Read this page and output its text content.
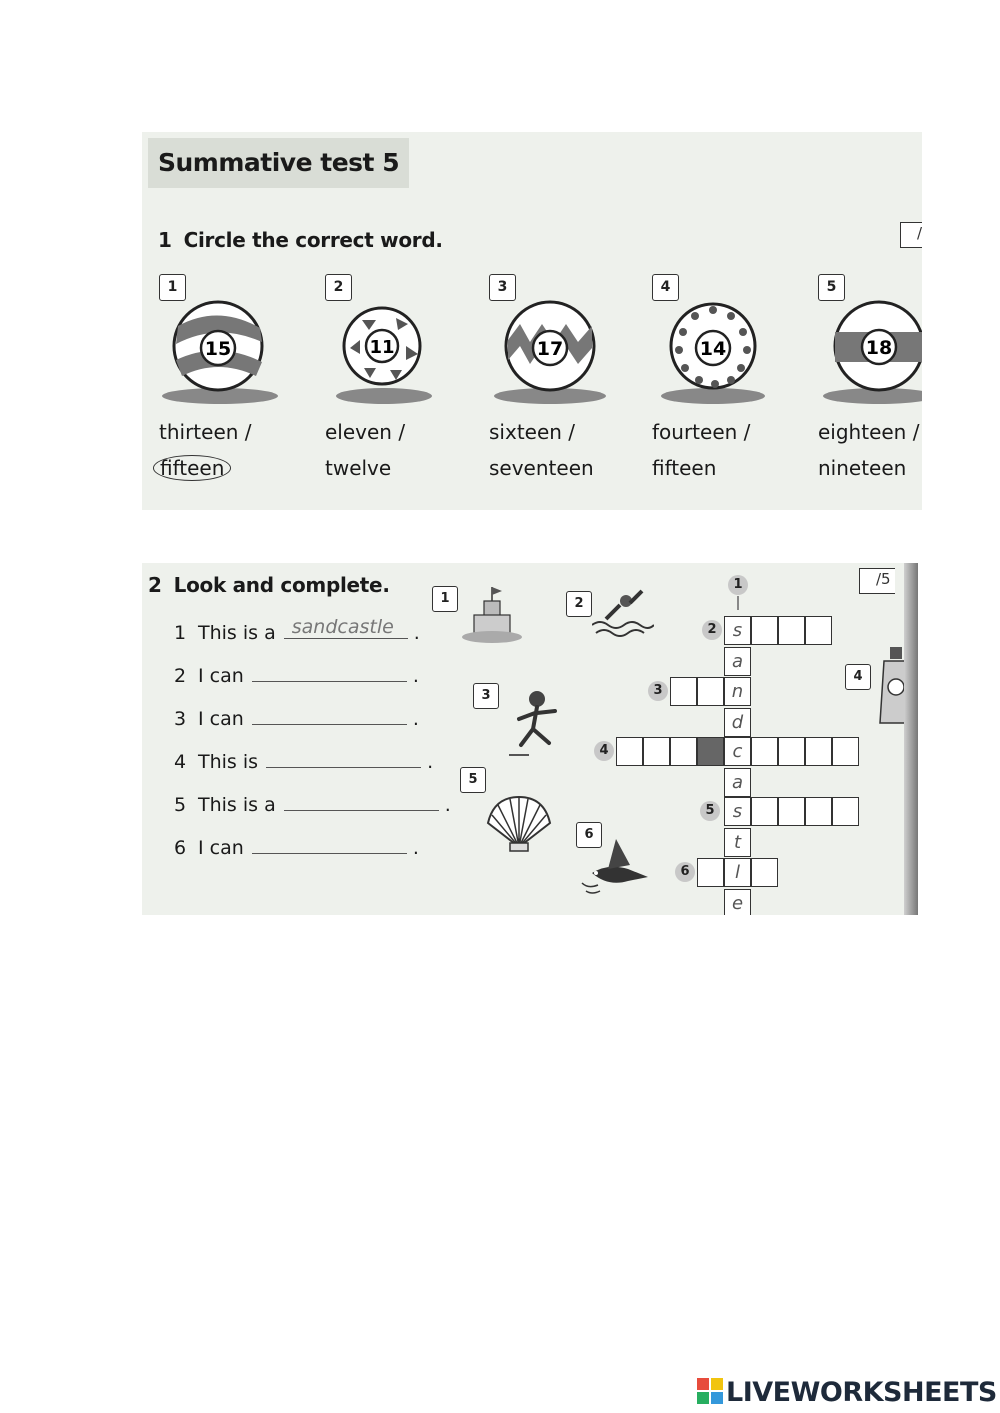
Summative test 5
1 Circle the correct word.	/
1
15
thirteen /
fifteen
2
11
eleven /
twelve
3
17
sixteen /
seventeen
4
14
fourteen /
fifteen
5
18
eighteen /
nineteen
2 Look and complete.	/5
1 This is a sandcastle .
2 I can	.
3 I can	.
4 This is	.
5 This is a	.
6 I can	.
1	2
3
5
6
4
1
2 s
a
3	n
d
4	c
a
5	s
t
6	l
e
LIVEWORKSHEETS
